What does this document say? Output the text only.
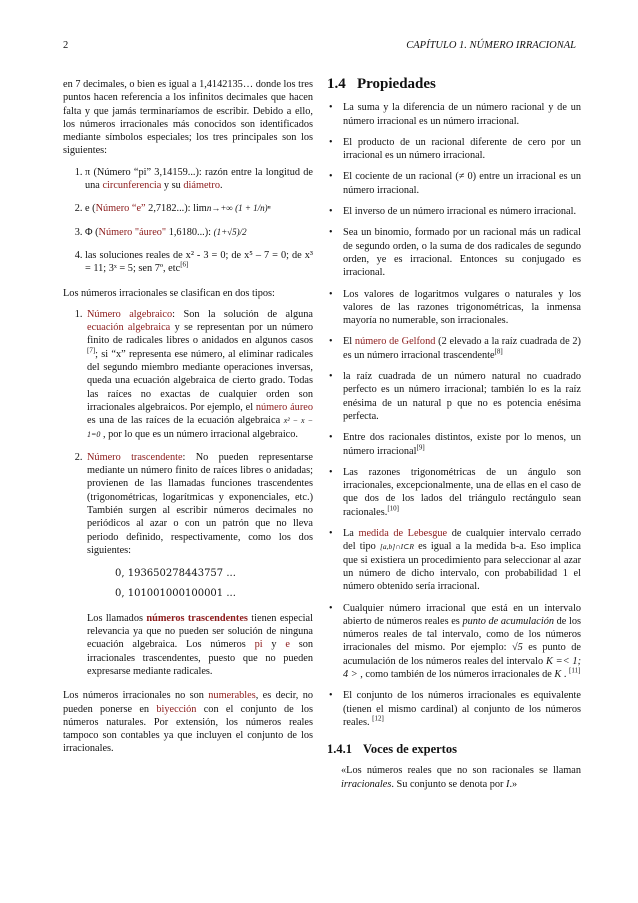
2	CAPÍTULO 1. NÚMERO IRRACIONAL

en 7 decimales, o bien es igual a 1,4142135… donde los tres puntos hacen referencia a los infinitos decimales que hacen falta y que jamás terminaríamos de escribir. Debido a ello, los números irracionales más conocidos son identificados mediante símbolos especiales; los tres principales son los siguientes:

1. π (Número “pi” 3,14159...): razón entre la longitud de una circunferencia y su diámetro.
2. e (Número “e” 2,7182...): limn→+∞ (1 + 1/n)ⁿ
3. Φ (Número "áureo" 1,6180...): (1+√5)/2
4. las soluciones reales de x² - 3 = 0; de x⁵ – 7 = 0; de x³ = 11; 3ˣ = 5; sen 7º, etc[6]

Los números irracionales se clasifican en dos tipos:

1. Número algebraico: Son la solución de alguna ecuación algebraica y se representan por un número finito de radicales libres o anidados en algunos casos [7]; si “x” representa ese número, al eliminar radicales del segundo miembro mediante operaciones inversas, queda una ecuación algebraica de cierto grado. Todas las raíces no exactas de cualquier orden son irracionales algebraicos. Por ejemplo, el número áureo es una de las raíces de la ecuación algebraica x² − x − 1=0 , por lo que es un número irracional algebraico.
2. Número trascendente: No pueden representarse mediante un número finito de raíces libres o anidadas; provienen de las llamadas funciones trascendentes (trigonométricas, logarítmicas y exponenciales, etc.) También surgen al escribir números decimales no periódicos al azar o con un patrón que no lleva periodo definido, respectivamente, como los dos siguientes:
0, 193650278443757 ...
0, 101001000100001 ...

Los llamados números trascendentes tienen especial relevancia ya que no pueden ser solución de ninguna ecuación algebraica. Los números pi y e son irracionales trascendentes, puesto que no pueden expresarse mediante radicales.

Los números irracionales no son numerables, es decir, no pueden ponerse en biyección con el conjunto de los números naturales. Por extensión, los números reales tampoco son contables ya que incluyen el conjunto de los irracionales.

1.4 Propiedades
• La suma y la diferencia de un número racional y de un número irracional es un número irracional.
• El producto de un racional diferente de cero por un irracional es un número irracional.
• El cociente de un racional (≠ 0) entre un irracional es un número irracional.
• El inverso de un número irracional es número irracional.
• Sea un binomio, formado por un racional más un radical de segundo orden, o la suma de dos radicales de segundo orden, ye es irracional. Entonces su conjugado es irracional.
• Los valores de logaritmos vulgares o naturales y los valores de las razones trigonométricas, la inmensa mayoría no numerable, son irracionales.
• El número de Gelfond (2 elevado a la raíz cuadrada de 2) es un número irracional trascendente[8]
• la raíz cuadrada de un número natural no cuadrado perfecto es un número irracional; también lo es la raíz enésima de un natural p que no es potencia enésima perfecta.
• Entre dos racionales distintos, existe por lo menos, un número irracional[9]
• Las razones trigonométricas de un ángulo son irracionales, excepcionalmente, una de ellas en el caso de que dos de los lados del triángulo rectángulo sean racionales.[10]
• La medida de Lebesgue de cualquier intervalo cerrado del tipo [a,b]∩I⊂R es igual a la medida b-a. Eso implica que si existiera un procedimiento para seleccionar al azar un número de dicho intervalo, con probabilidad 1 el número obtenido sería irracional.
• Cualquier número irracional que está en un intervalo abierto de números reales es punto de acumulación de los números reales de tal intervalo, como de los números irracionales del mismo. Por ejemplo: √5 es punto de acumulación de los números reales del intervalo K =< 1; 4 > , como también de los números irracionales de K . [11]
• El conjunto de los números irracionales es equivalente (tienen el mismo cardinal) al conjunto de los números reales. [12]
1.4.1 Voces de expertos

«Los números reales que no son racionales se llaman irracionales. Su conjunto se denota por I.»
